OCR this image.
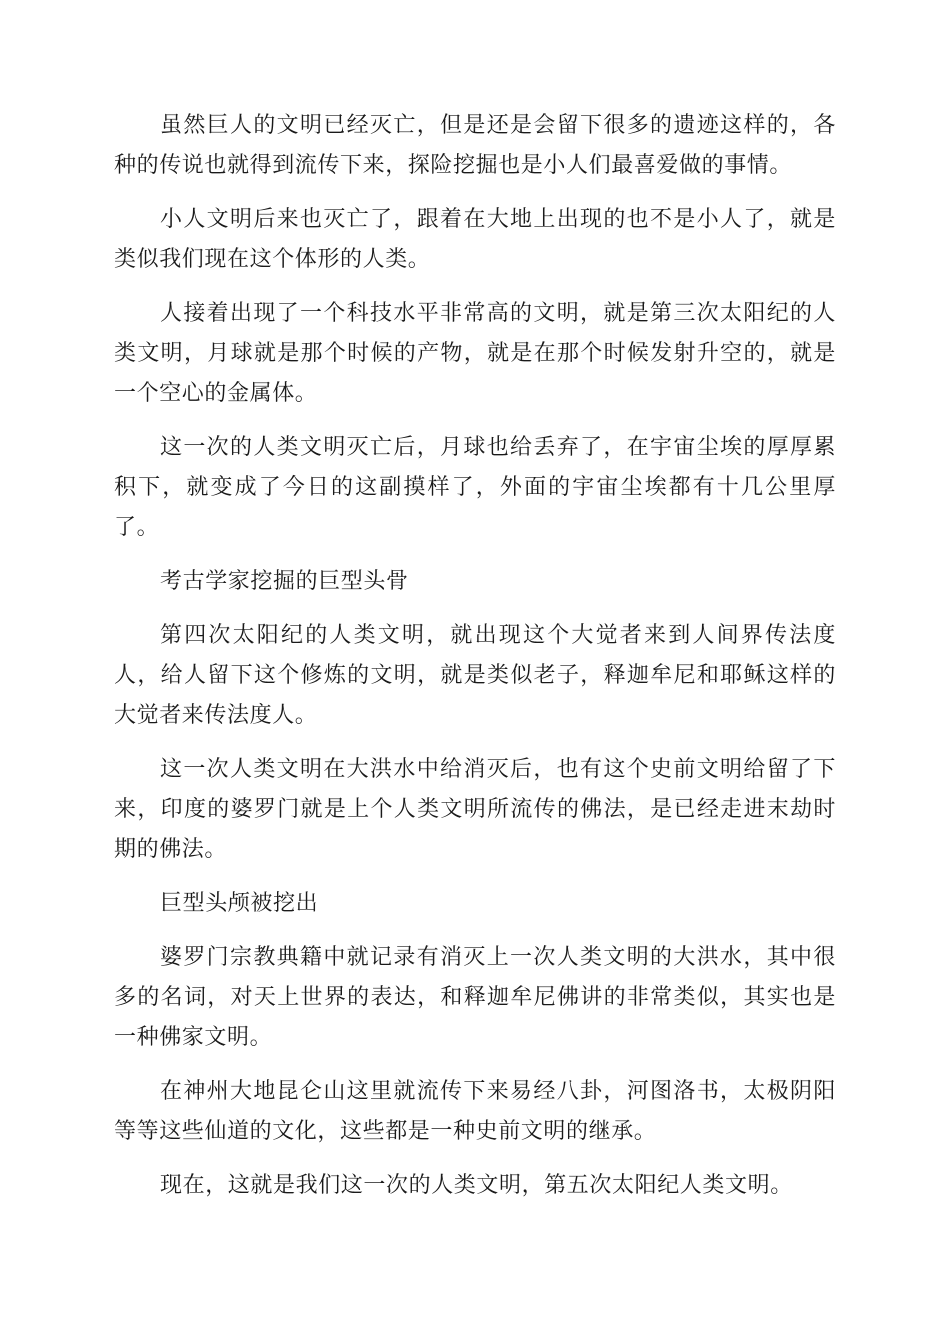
虽然巨人的文明已经灭亡，但是还是会留下很多的遗迹这样的，各种的传说也就得到流传下来，探险挖掘也是小人们最喜爱做的事情。

小人文明后来也灭亡了，跟着在大地上出现的也不是小人了，就是类似我们现在这个体形的人类。

人接着出现了一个科技水平非常高的文明，就是第三次太阳纪的人类文明，月球就是那个时候的产物，就是在那个时候发射升空的，就是一个空心的金属体。

这一次的人类文明灭亡后，月球也给丢弃了，在宇宙尘埃的厚厚累积下，就变成了今日的这副摸样了，外面的宇宙尘埃都有十几公里厚了。

考古学家挖掘的巨型头骨

第四次太阳纪的人类文明，就出现这个大觉者来到人间界传法度人，给人留下这个修炼的文明，就是类似老子，释迦牟尼和耶稣这样的大觉者来传法度人。

这一次人类文明在大洪水中给消灭后，也有这个史前文明给留了下来，印度的婆罗门就是上个人类文明所流传的佛法，是已经走进末劫时期的佛法。

巨型头颅被挖出

婆罗门宗教典籍中就记录有消灭上一次人类文明的大洪水，其中很多的名词，对天上世界的表达，和释迦牟尼佛讲的非常类似，其实也是一种佛家文明。

在神州大地昆仑山这里就流传下来易经八卦，河图洛书，太极阴阳等等这些仙道的文化，这些都是一种史前文明的继承。

现在，这就是我们这一次的人类文明，第五次太阳纪人类文明。
